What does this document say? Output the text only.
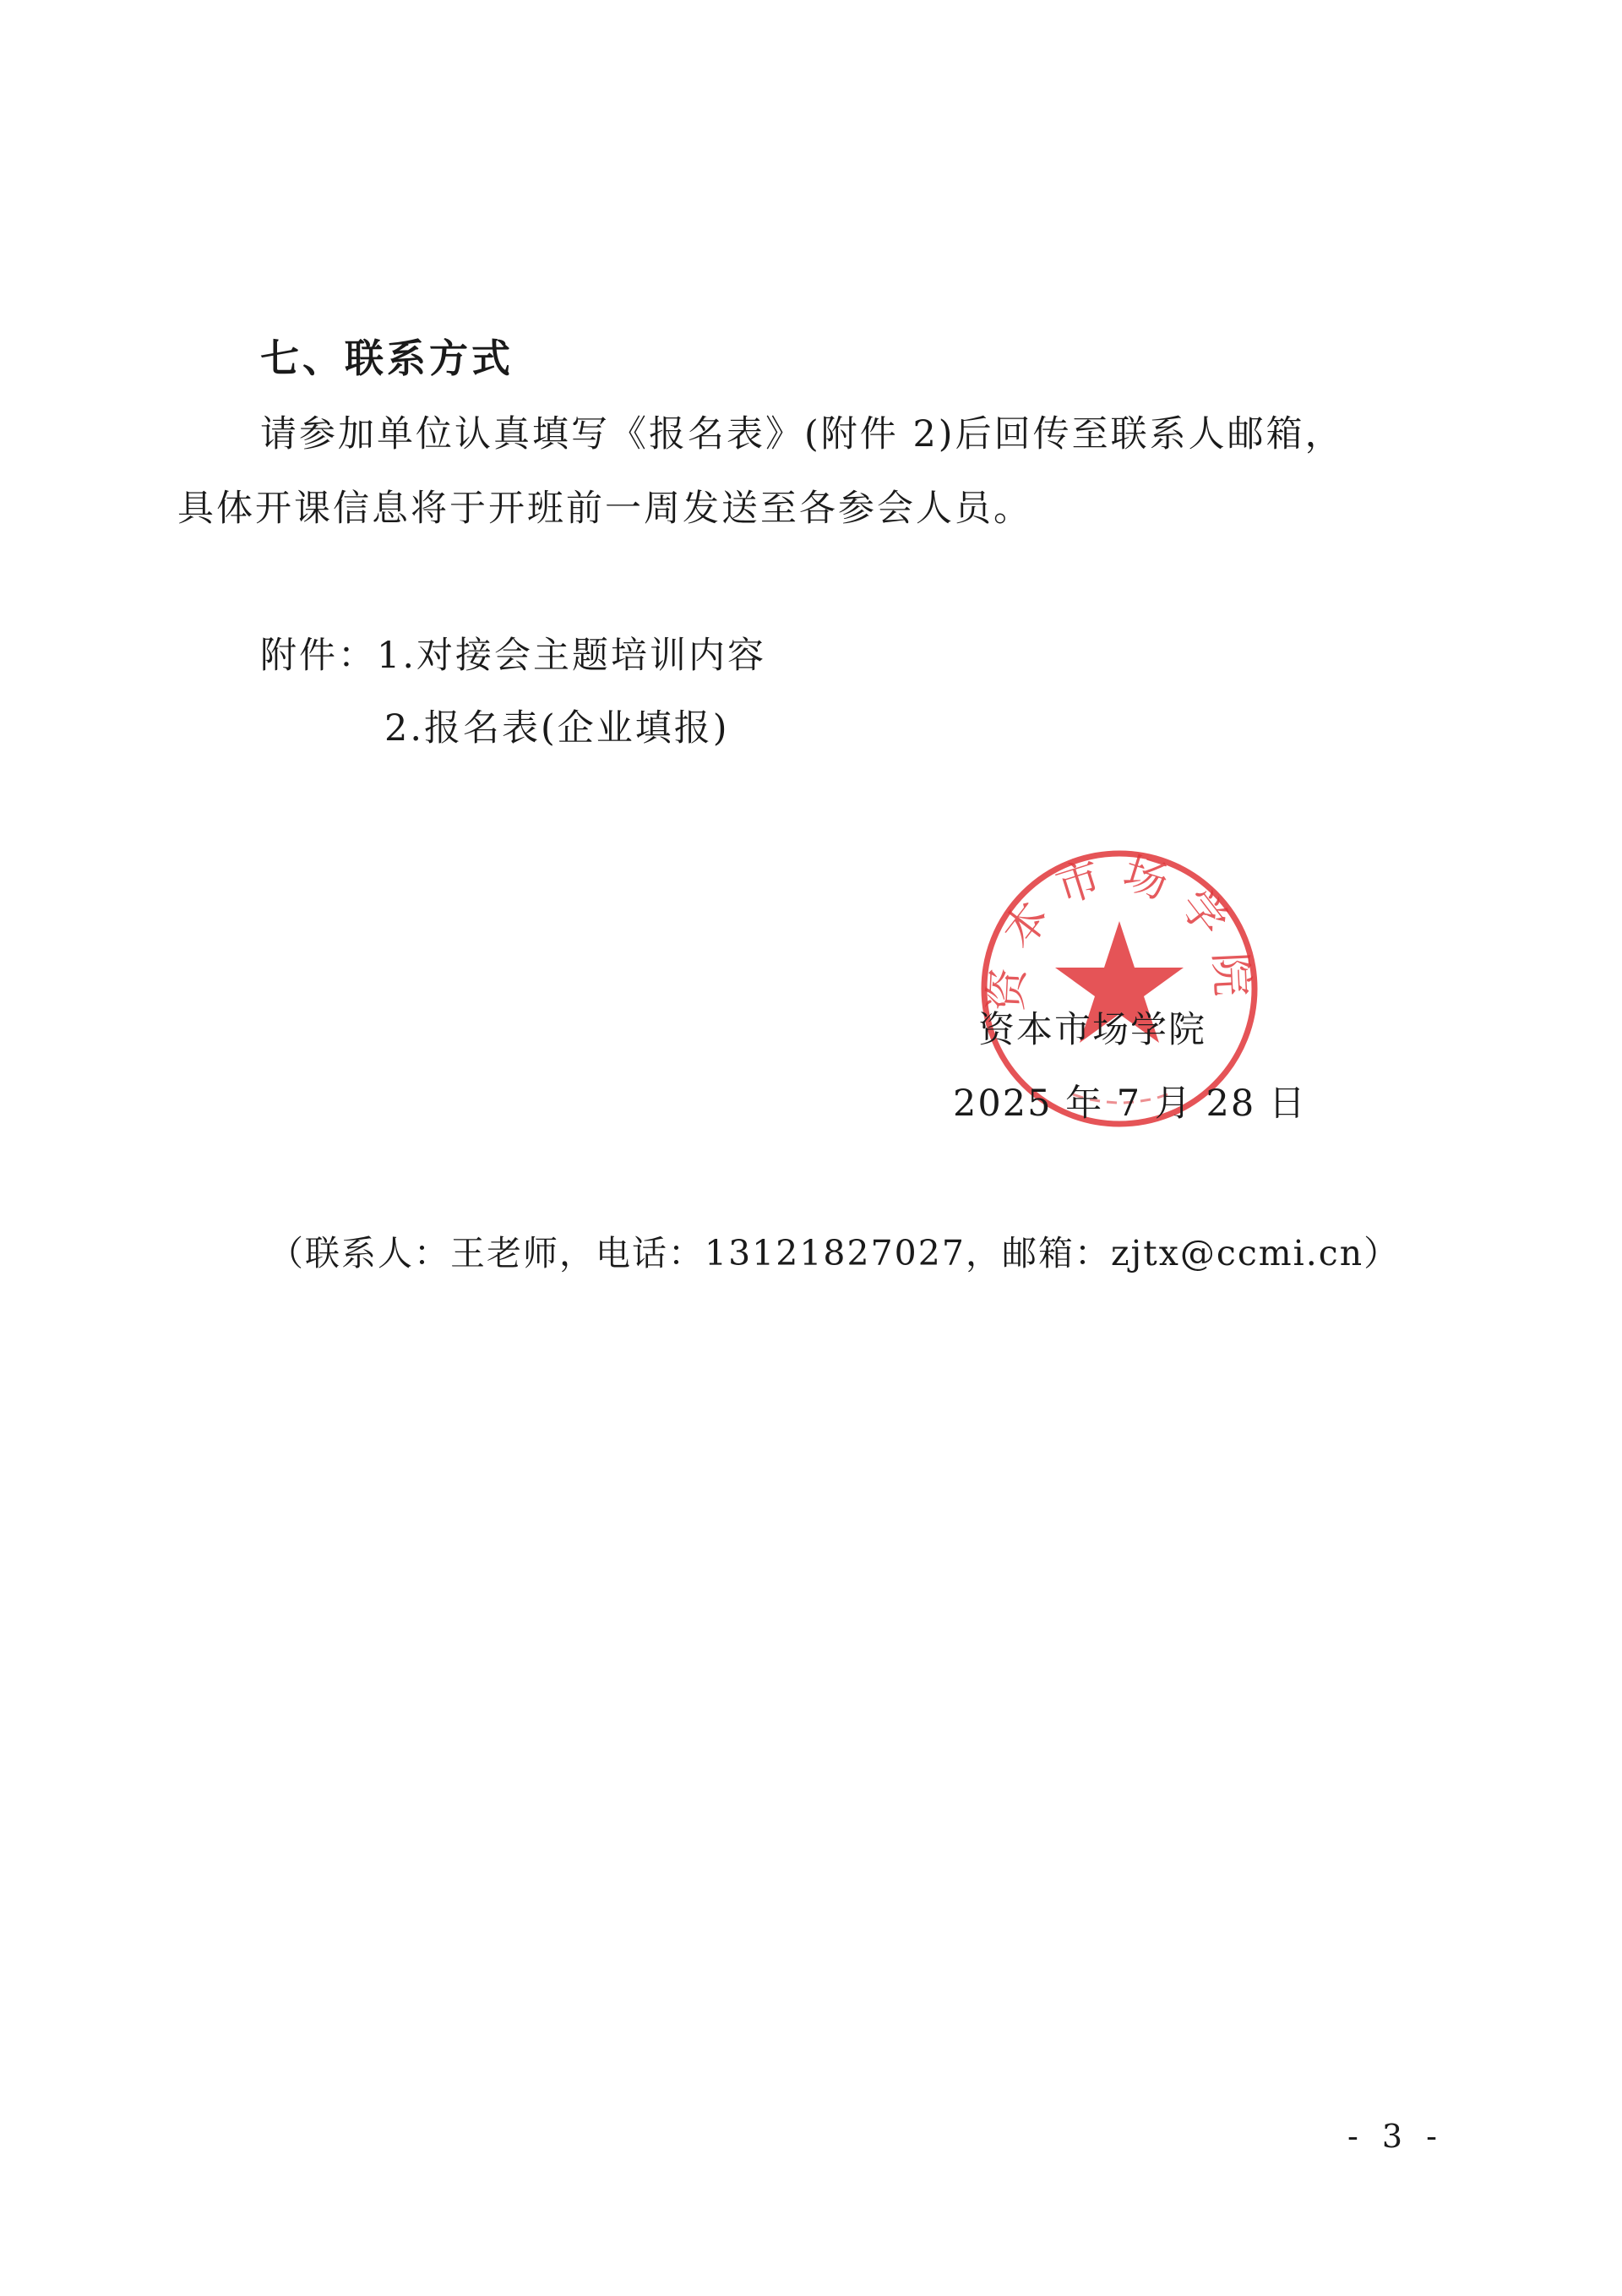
七、联系方式
请参加单位认真填写《报名表》(附件 2)后回传至联系人邮箱，
具体开课信息将于开班前一周发送至各参会人员。
附件：1.对接会主题培训内容
2.报名表(企业填报)
资本市场学院
资本市场学院
2025 年 7 月 28 日
（联系人：王老师，电话：13121827027，邮箱：zjtx@ccmi.cn）
- 3 -
